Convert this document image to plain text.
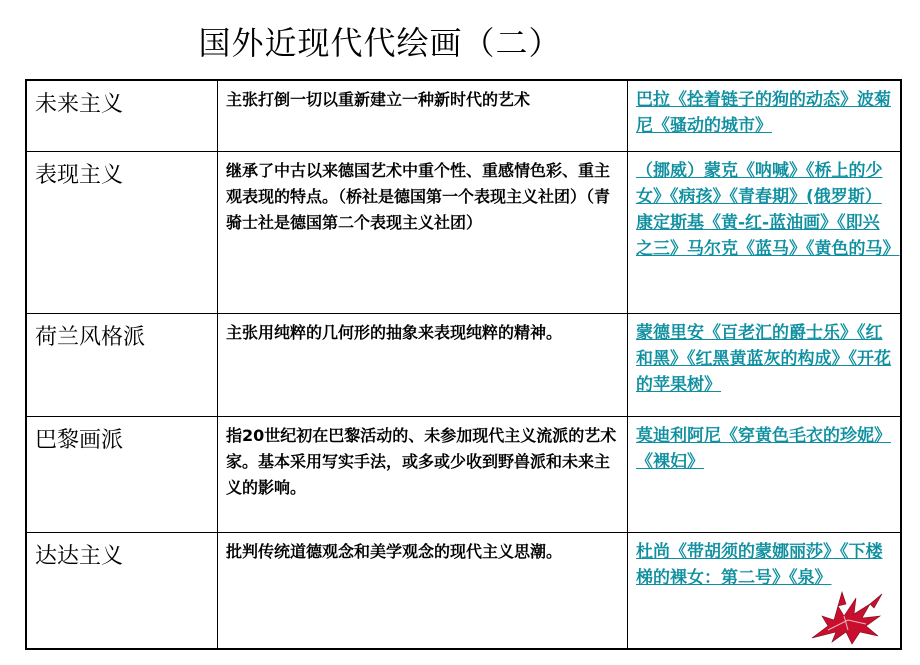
国外近现代代绘画（二）
未来主义	主张打倒一切以重新建立一种新时代的艺术	巴拉《拴着链子的狗的动态》波菊尼《骚动的城市》
表现主义	继承了中古以来德国艺术中重个性、重感情色彩、重主观表现的特点。（桥社是德国第一个表现主义社团）（青骑士社是德国第二个表现主义社团）	（挪威）蒙克《呐喊》《桥上的少女》《病孩》《青春期》(俄罗斯）康定斯基《黄-红-蓝油画》《即兴之三》马尔克《蓝马》《黄色的马》
荷兰风格派	主张用纯粹的几何形的抽象来表现纯粹的精神。	蒙德里安《百老汇的爵士乐》《红和黑》《红黑黄蓝灰的构成》《开花的苹果树》
巴黎画派	指20世纪初在巴黎活动的、未参加现代主义流派的艺术家。基本采用写实手法，或多或少收到野兽派和未来主义的影响。	莫迪利阿尼《穿黄色毛衣的珍妮》《裸妇》
达达主义	批判传统道德观念和美学观念的现代主义思潮。	杜尚《带胡须的蒙娜丽莎》《下楼梯的裸女：第二号》《泉》
